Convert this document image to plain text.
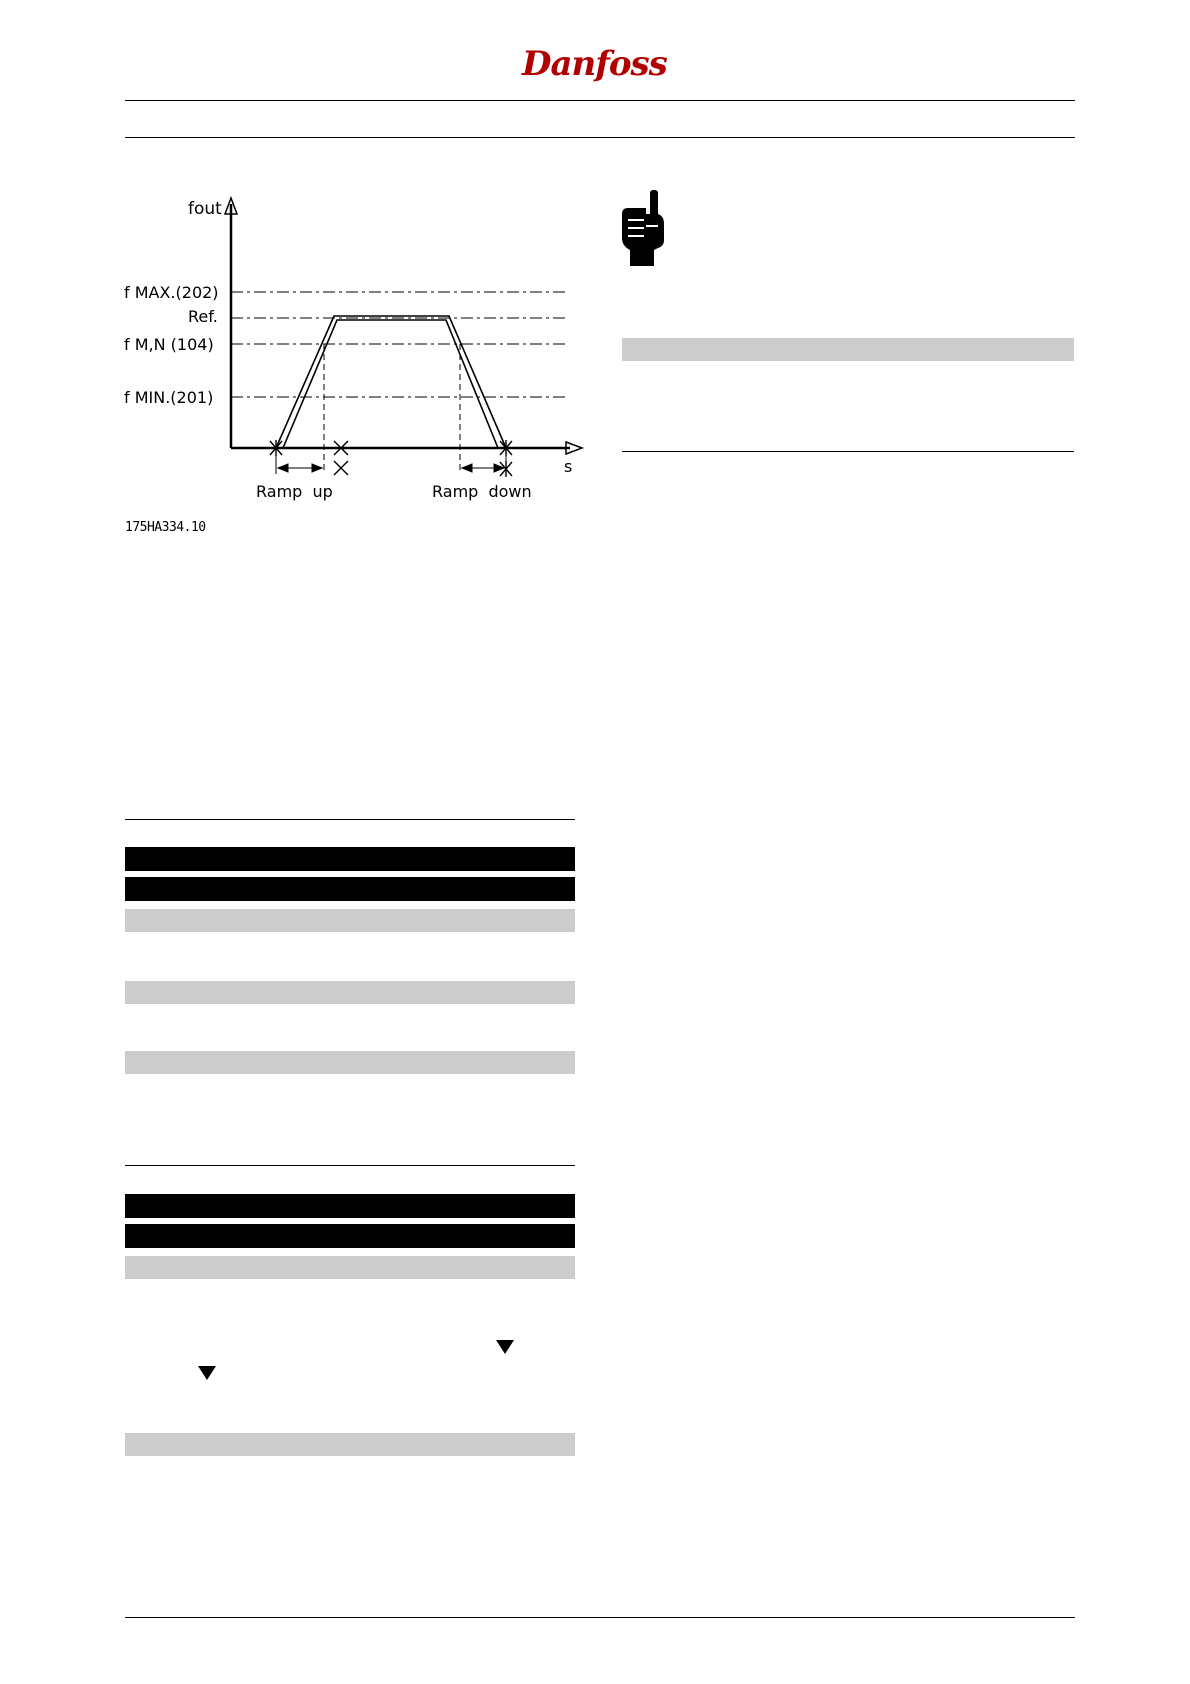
Danfoss
fout
s
f MAX.(202)
Ref.
f M,N (104)
f MIN.(201)
Ramp  up	Ramp  down
175HA334.10
